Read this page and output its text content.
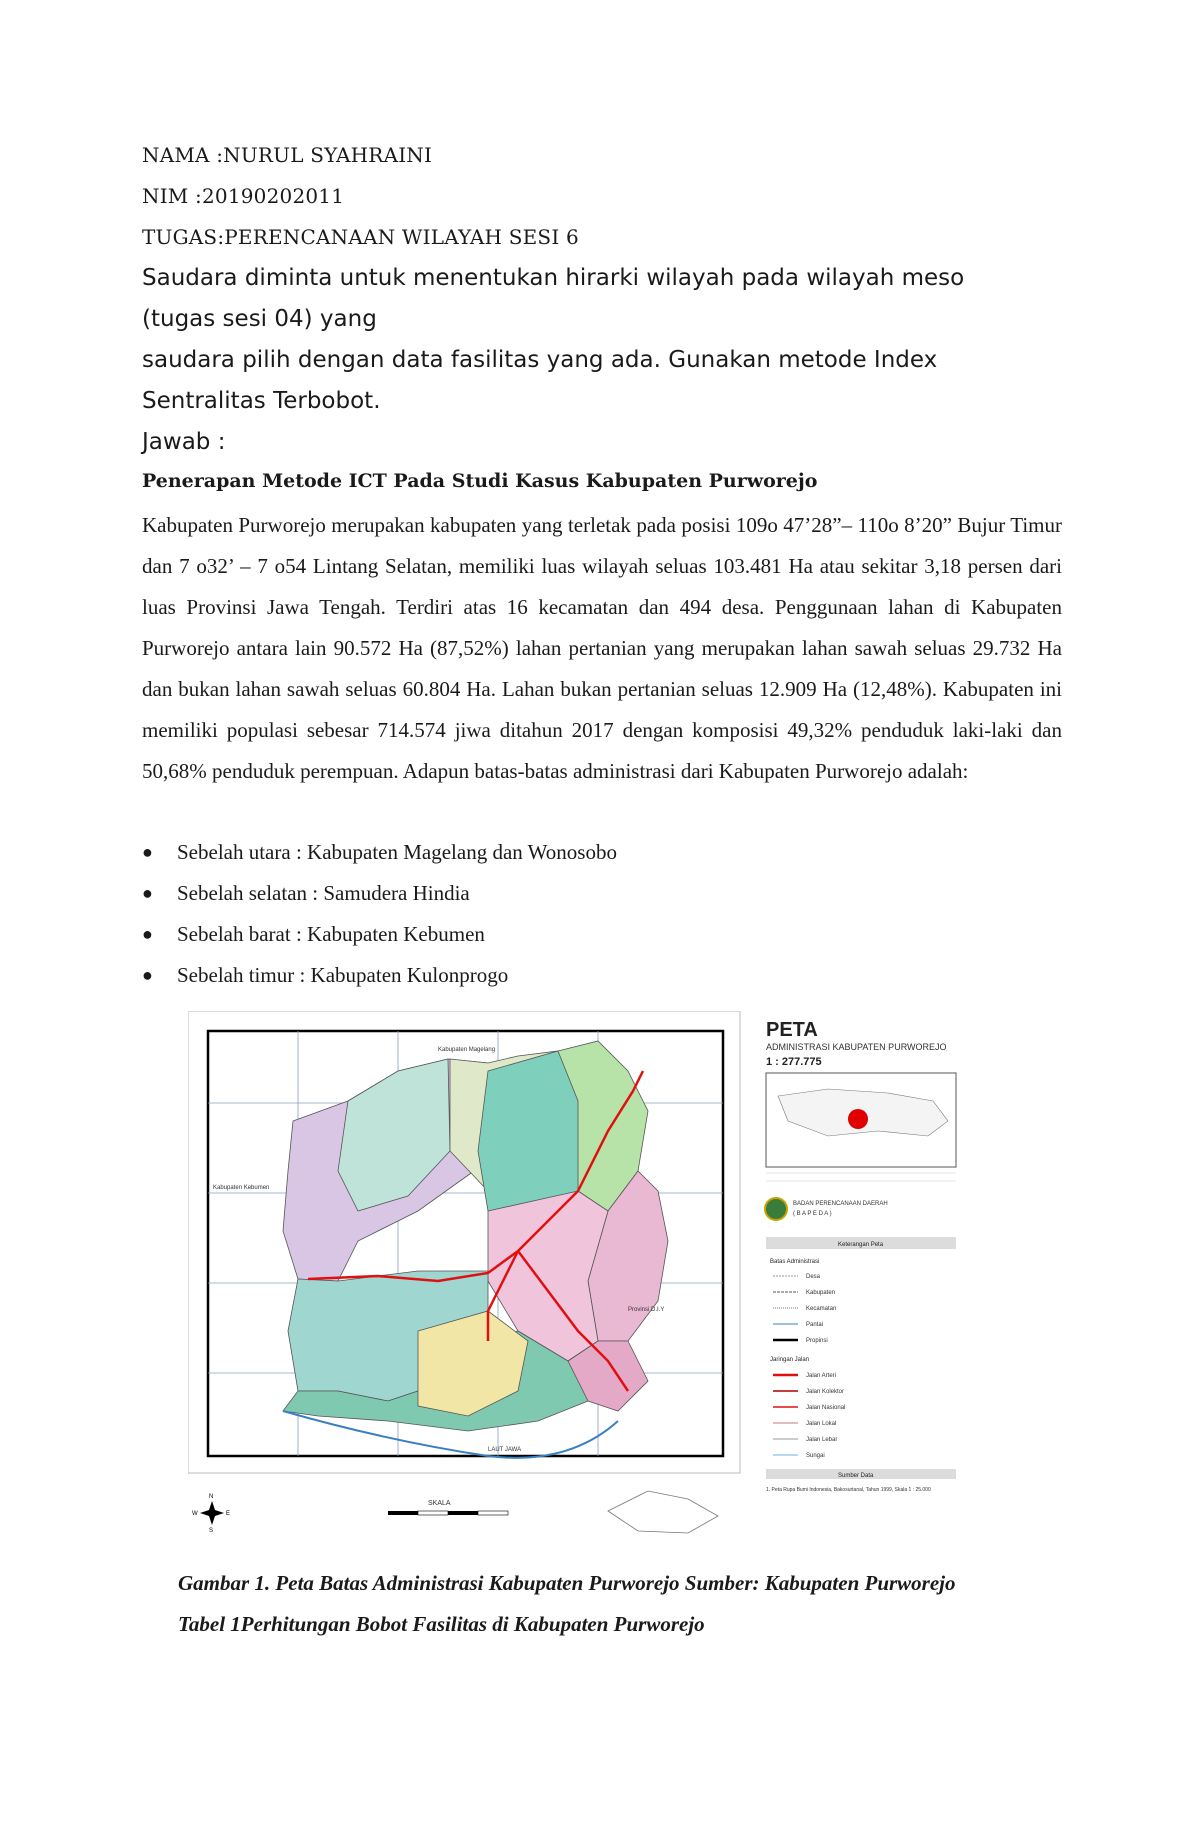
NAMA :NURUL SYAHRAINI
NIM :20190202011
TUGAS:PERENCANAAN WILAYAH SESI 6
Saudara diminta untuk menentukan hirarki wilayah pada wilayah meso
(tugas sesi 04) yang
saudara pilih dengan data fasilitas yang ada. Gunakan metode Index
Sentralitas Terbobot.
Jawab :
Penerapan Metode ICT Pada Studi Kasus Kabupaten Purworejo

Kabupaten Purworejo merupakan kabupaten yang terletak pada posisi 109o 47’28”– 110o 8’20” Bujur Timur dan 7 o32’ – 7 o54 Lintang Selatan, memiliki luas wilayah seluas 103.481 Ha atau sekitar 3,18 persen dari luas Provinsi Jawa Tengah. Terdiri atas 16 kecamatan dan 494 desa. Penggunaan lahan di Kabupaten Purworejo antara lain 90.572 Ha (87,52%) lahan pertanian yang merupakan lahan sawah seluas 29.732 Ha dan bukan lahan sawah seluas 60.804 Ha. Lahan bukan pertanian seluas 12.909 Ha (12,48%). Kabupaten ini memiliki populasi sebesar 714.574 jiwa ditahun 2017 dengan komposisi 49,32% penduduk laki-laki dan 50,68% penduduk perempuan. Adapun batas-batas administrasi dari Kabupaten Purworejo adalah:

● Sebelah utara : Kabupaten Magelang dan Wonosobo
● Sebelah selatan : Samudera Hindia
● Sebelah barat : Kabupaten Kebumen
● Sebelah timur : Kabupaten Kulonprogo
Kabupaten Magelang
Kabupaten Kebumen
Provinsi D.I.Y
LAUT JAWA
PETA
ADMINISTRASI KABUPATEN PURWOREJO
1 : 277.775
BADAN PERENCANAAN DAERAH
( B A P E D A )
Keterangan Peta
Batas Administrasi
Desa
Kabupaten
Kecamatan
Pantai
Propinsi
Jaringan Jalan
Jalan Arteri
Jalan Kolektor
Jalan Nasional
Jalan Lokal
Jalan Lebar
Sungai
Sumber Data
1. Peta Rupa Bumi Indonesia, Bakosurtanal, Tahun 1999, Skala 1 : 25.000
N
E
S
W
SKALA
Gambar 1. Peta Batas Administrasi Kabupaten Purworejo Sumber: Kabupaten Purworejo
Tabel 1Perhitungan Bobot Fasilitas di Kabupaten Purworejo
